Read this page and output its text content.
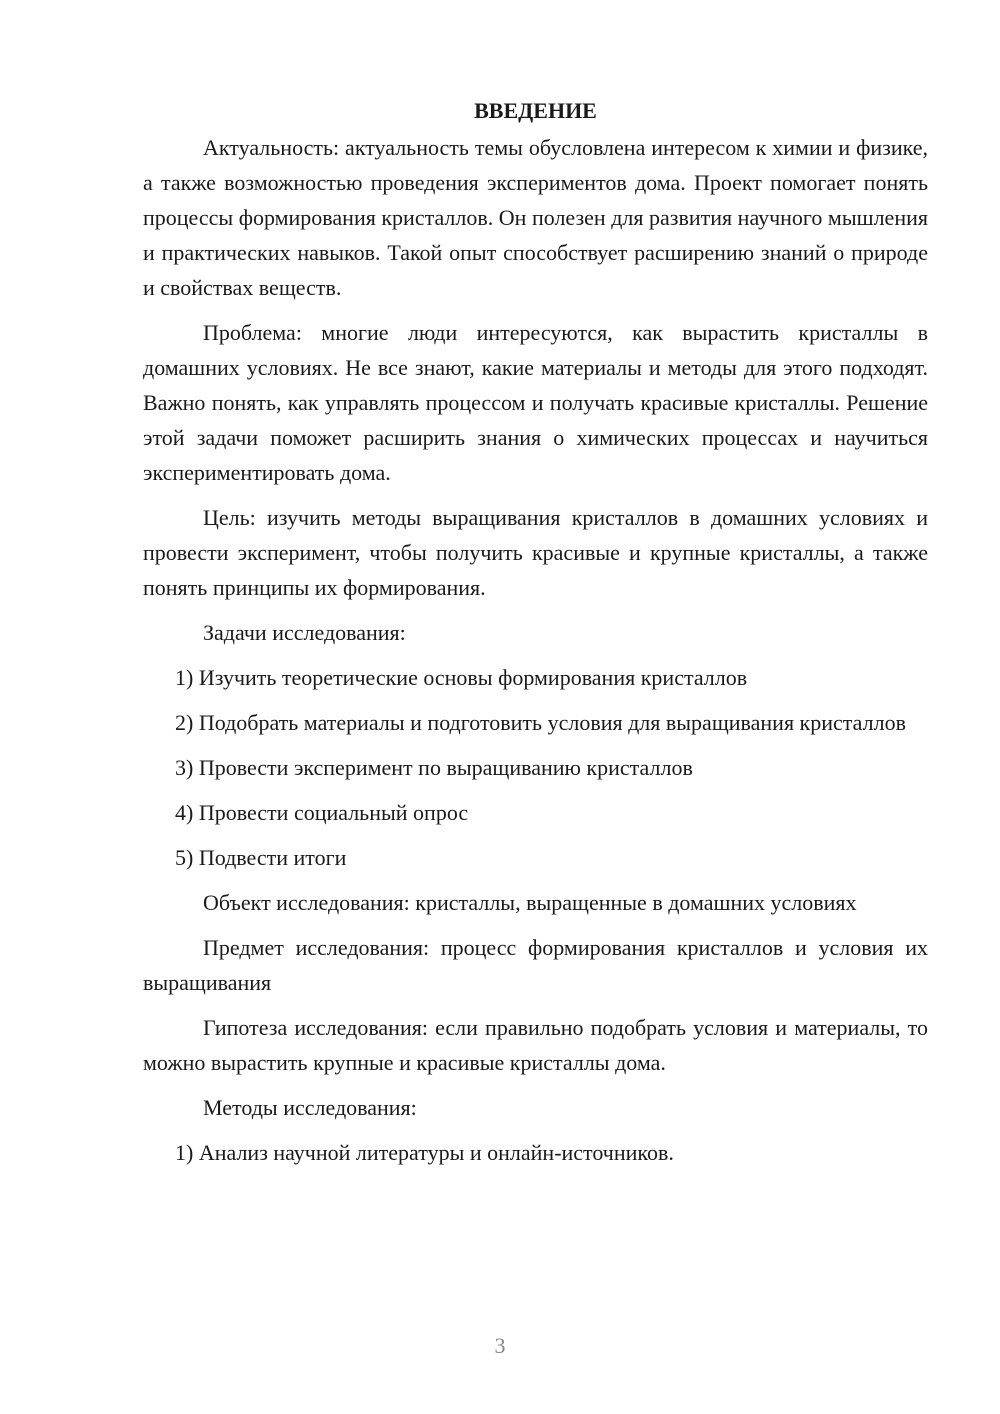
ВВЕДЕНИЕ

Актуальность: актуальность темы обусловлена интересом к химии и физике, а также возможностью проведения экспериментов дома. Проект помогает понять процессы формирования кристаллов. Он полезен для развития научного мышления и практических навыков. Такой опыт способствует расширению знаний о природе и свойствах веществ.

Проблема: многие люди интересуются, как вырастить кристаллы в домашних условиях. Не все знают, какие материалы и методы для этого подходят. Важно понять, как управлять процессом и получать красивые кристаллы. Решение этой задачи поможет расширить знания о химических процессах и научиться экспериментировать дома.

Цель: изучить методы выращивания кристаллов в домашних условиях и провести эксперимент, чтобы получить красивые и крупные кристаллы, а также понять принципы их формирования.

Задачи исследования:

1) Изучить теоретические основы формирования кристаллов

2) Подобрать материалы и подготовить условия для выращивания кристаллов

3) Провести эксперимент по выращиванию кристаллов

4) Провести социальный опрос

5) Подвести итоги

Объект исследования: кристаллы, выращенные в домашних условиях

Предмет исследования: процесс формирования кристаллов и условия их выращивания

Гипотеза исследования: если правильно подобрать условия и материалы, то можно вырастить крупные и красивые кристаллы дома.

Методы исследования:

1) Анализ научной литературы и онлайн-источников.

3
